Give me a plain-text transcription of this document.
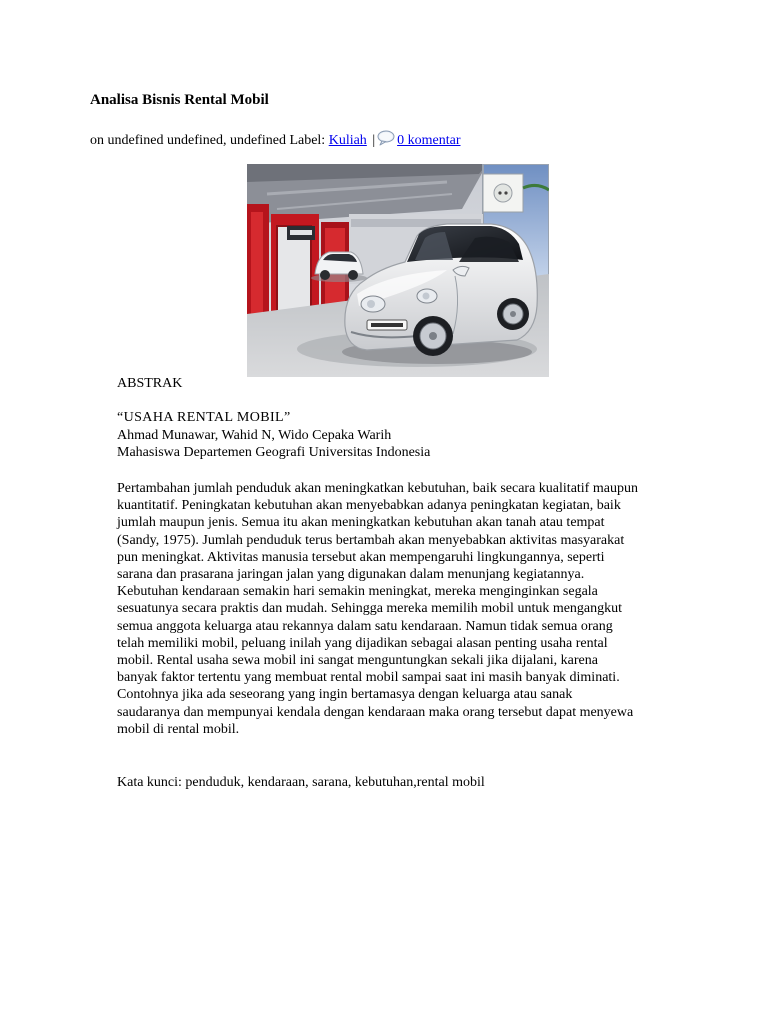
Analisa Bisnis Rental Mobil
on undefined undefined, undefined Label: Kuliah | 0 komentar
ABSTRAK
“USAHA RENTAL MOBIL”
Ahmad Munawar, Wahid N, Wido Cepaka Warih
Mahasiswa Departemen Geografi Universitas Indonesia
Pertambahan jumlah penduduk akan meningkatkan kebutuhan, baik secara kualitatif maupun
kuantitatif. Peningkatan kebutuhan akan menyebabkan adanya peningkatan kegiatan, baik
jumlah maupun jenis. Semua itu akan meningkatkan kebutuhan akan tanah atau tempat
(Sandy, 1975). Jumlah penduduk terus bertambah akan menyebabkan aktivitas masyarakat
pun meningkat. Aktivitas manusia tersebut akan mempengaruhi lingkungannya, seperti
sarana dan prasarana jaringan jalan yang digunakan dalam menunjang kegiatannya.
Kebutuhan kendaraan semakin hari semakin meningkat, mereka menginginkan segala
sesuatunya secara praktis dan mudah. Sehingga mereka memilih mobil untuk mengangkut
semua anggota keluarga atau rekannya dalam satu kendaraan. Namun tidak semua orang
telah memiliki mobil, peluang inilah yang dijadikan sebagai alasan penting usaha rental
mobil. Rental usaha sewa mobil ini sangat menguntungkan sekali jika dijalani, karena
banyak faktor tertentu yang membuat rental mobil sampai saat ini masih banyak diminati.
Contohnya jika ada seseorang yang ingin bertamasya dengan keluarga atau sanak
saudaranya dan mempunyai kendala dengan kendaraan maka orang tersebut dapat menyewa
mobil di rental mobil.
Kata kunci: penduduk, kendaraan, sarana, kebutuhan,rental mobil
